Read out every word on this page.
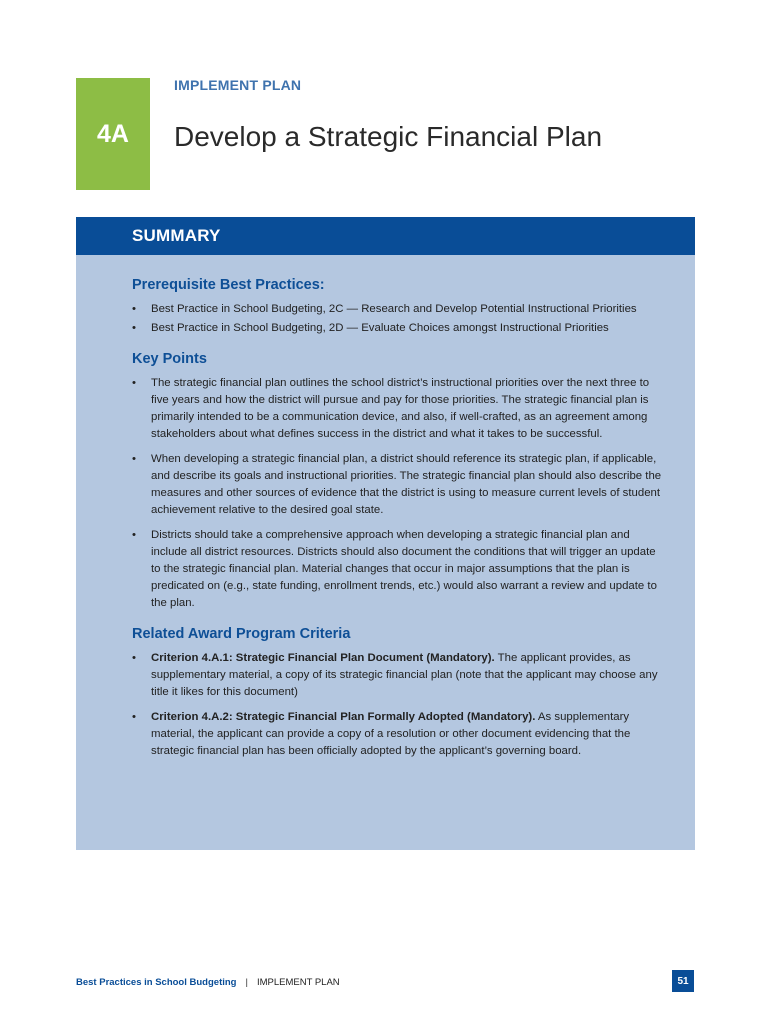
4A
IMPLEMENT PLAN
Develop a Strategic Financial Plan
SUMMARY
Prerequisite Best Practices:
• Best Practice in School Budgeting, 2C — Research and Develop Potential Instructional Priorities
• Best Practice in School Budgeting, 2D — Evaluate Choices amongst Instructional Priorities
Key Points
• The strategic financial plan outlines the school district’s instructional priorities over the next three to five years and how the district will pursue and pay for those priorities. The strategic financial plan is primarily intended to be a communication device, and also, if well-crafted, as an agreement among stakeholders about what defines success in the district and what it takes to be successful.
• When developing a strategic financial plan, a district should reference its strategic plan, if applicable, and describe its goals and instructional priorities. The strategic financial plan should also describe the measures and other sources of evidence that the district is using to measure current levels of student achievement relative to the desired goal state.
• Districts should take a comprehensive approach when developing a strategic financial plan and include all district resources. Districts should also document the conditions that will trigger an update to the strategic financial plan. Material changes that occur in major assumptions that the plan is predicated on (e.g., state funding, enrollment trends, etc.) would also warrant a review and update to the plan.
Related Award Program Criteria
• Criterion 4.A.1: Strategic Financial Plan Document (Mandatory). The applicant provides, as supplementary material, a copy of its strategic financial plan (note that the applicant may choose any title it likes for this document)
• Criterion 4.A.2: Strategic Financial Plan Formally Adopted (Mandatory). As supplementary material, the applicant can provide a copy of a resolution or other document evidencing that the strategic financial plan has been officially adopted by the applicant’s governing board.
Best Practices in School Budgeting | IMPLEMENT PLAN	51
